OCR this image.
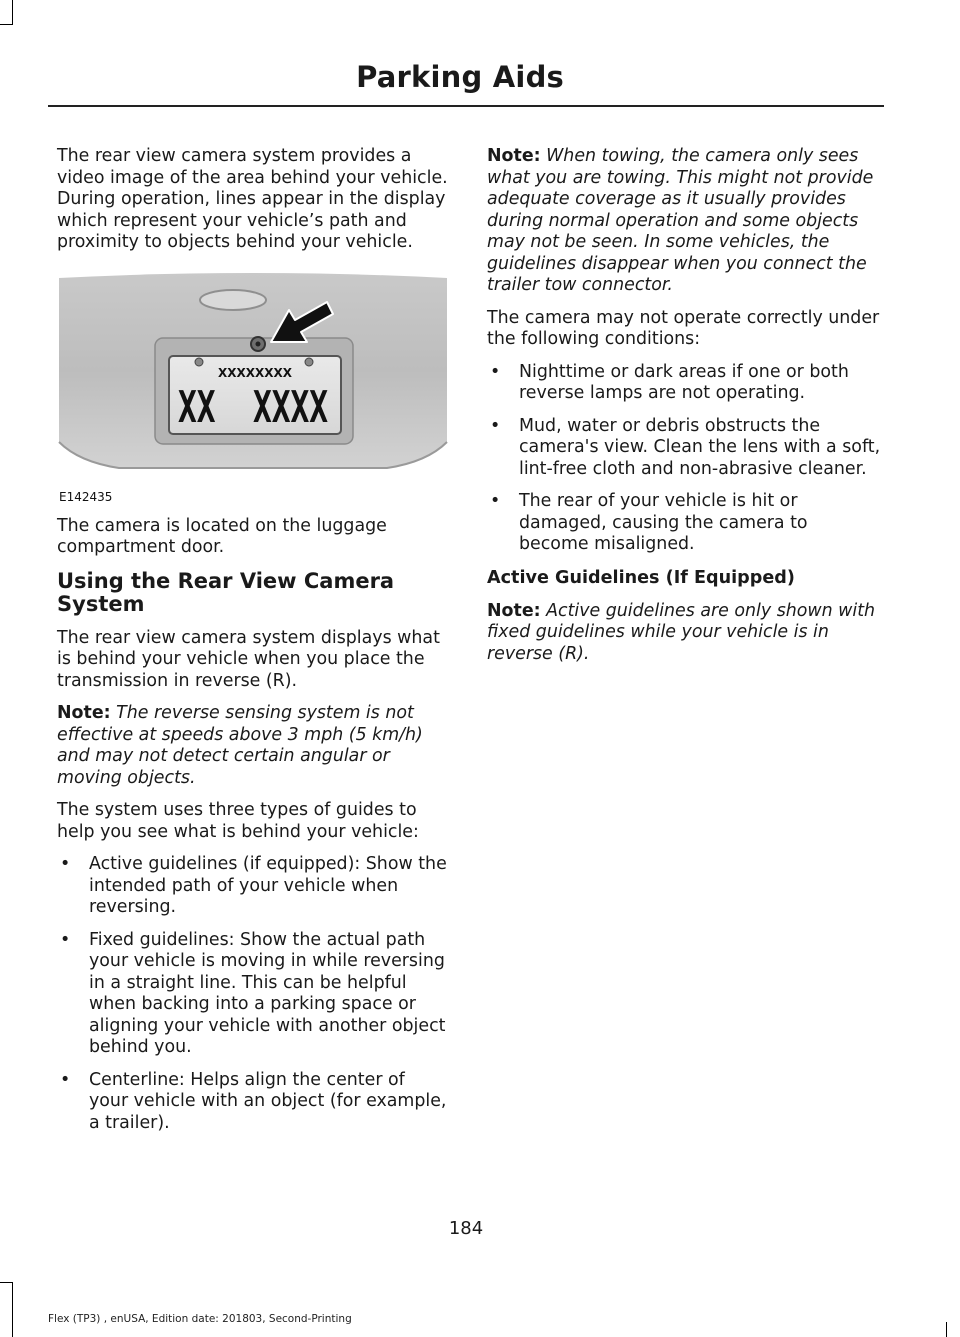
Parking Aids

The rear view camera system provides a video image of the area behind your vehicle. During operation, lines appear in the display which represent your vehicle’s path and proximity to objects behind your vehicle.

XXXXXXXX
XX  XXXX
E142435

The camera is located on the luggage compartment door.

Using the Rear View Camera System

The rear view camera system displays what is behind your vehicle when you place the transmission in reverse (R).

Note: The reverse sensing system is not effective at speeds above 3 mph (5 km/h) and may not detect certain angular or moving objects.

The system uses three types of guides to help you see what is behind your vehicle:

• Active guidelines (if equipped): Show the intended path of your vehicle when reversing.
• Fixed guidelines: Show the actual path your vehicle is moving in while reversing in a straight line. This can be helpful when backing into a parking space or aligning your vehicle with another object behind you.
• Centerline: Helps align the center of your vehicle with an object (for example, a trailer).

Note: When towing, the camera only sees what you are towing. This might not provide adequate coverage as it usually provides during normal operation and some objects may not be seen. In some vehicles, the guidelines disappear when you connect the trailer tow connector.

The camera may not operate correctly under the following conditions:

• Nighttime or dark areas if one or both reverse lamps are not operating.
• Mud, water or debris obstructs the camera's view. Clean the lens with a soft, lint-free cloth and non-abrasive cleaner.
• The rear of your vehicle is hit or damaged, causing the camera to become misaligned.
Active Guidelines (If Equipped)

Note: Active guidelines are only shown with fixed guidelines while your vehicle is in reverse (R).

184
Flex (TP3) , enUSA, Edition date: 201803, Second-Printing
